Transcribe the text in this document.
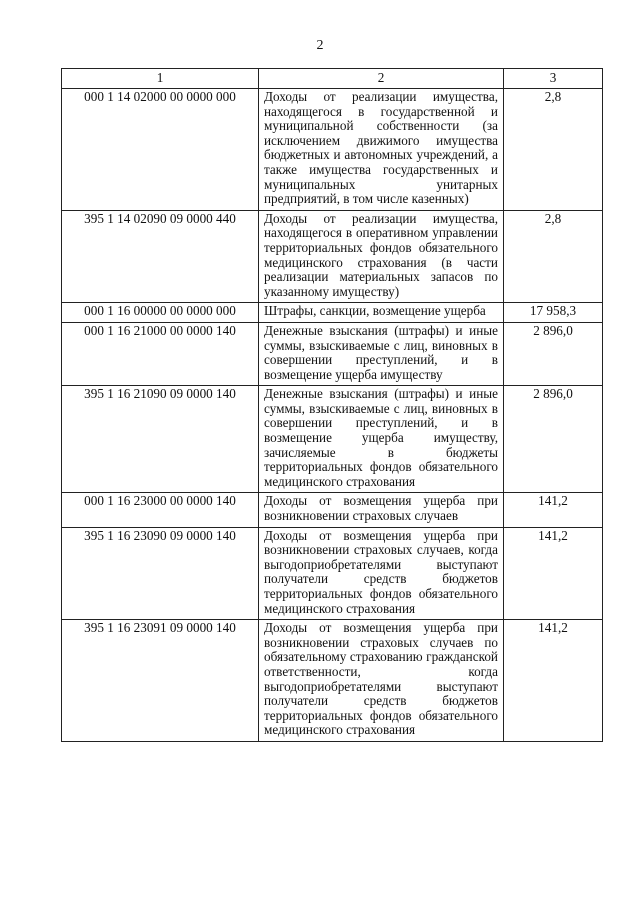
2
1	2	3
000 1 14 02000 00 0000 000	Доходы от реализации имущества, находящегося в государственной и муниципальной собственности (за исключением движимого имущества бюджетных и автономных учреждений, а также имущества государственных и муниципальных унитарных предприятий, в том числе казенных)	2,8
395 1 14 02090 09 0000 440	Доходы от реализации имущества, находящегося в оперативном управлении территориальных фондов обязательного медицинского страхования (в части реализации материальных запасов по указанному имуществу)	2,8
000 1 16 00000 00 0000 000	Штрафы, санкции, возмещение ущерба	17 958,3
000 1 16 21000 00 0000 140	Денежные взыскания (штрафы) и иные суммы, взыскиваемые с лиц, виновных в совершении преступлений, и в возмещение ущерба имуществу	2 896,0
395 1 16 21090 09 0000 140	Денежные взыскания (штрафы) и иные суммы, взыскиваемые с лиц, виновных в совершении преступлений, и в возмещение ущерба имуществу, зачисляемые в бюджеты территориальных фондов обязательного медицинского страхования	2 896,0
000 1 16 23000 00 0000 140	Доходы от возмещения ущерба при возникновении страховых случаев	141,2
395 1 16 23090 09 0000 140	Доходы от возмещения ущерба при возникновении страховых случаев, когда выгодоприобретателями выступают получатели средств бюджетов территориальных фондов обязательного медицинского страхования	141,2
395 1 16 23091 09 0000 140	Доходы от возмещения ущерба при возникновении страховых случаев по обязательному страхованию гражданской ответственности, когда выгодоприобретателями выступают получатели средств бюджетов территориальных фондов обязательного медицинского страхования	141,2
